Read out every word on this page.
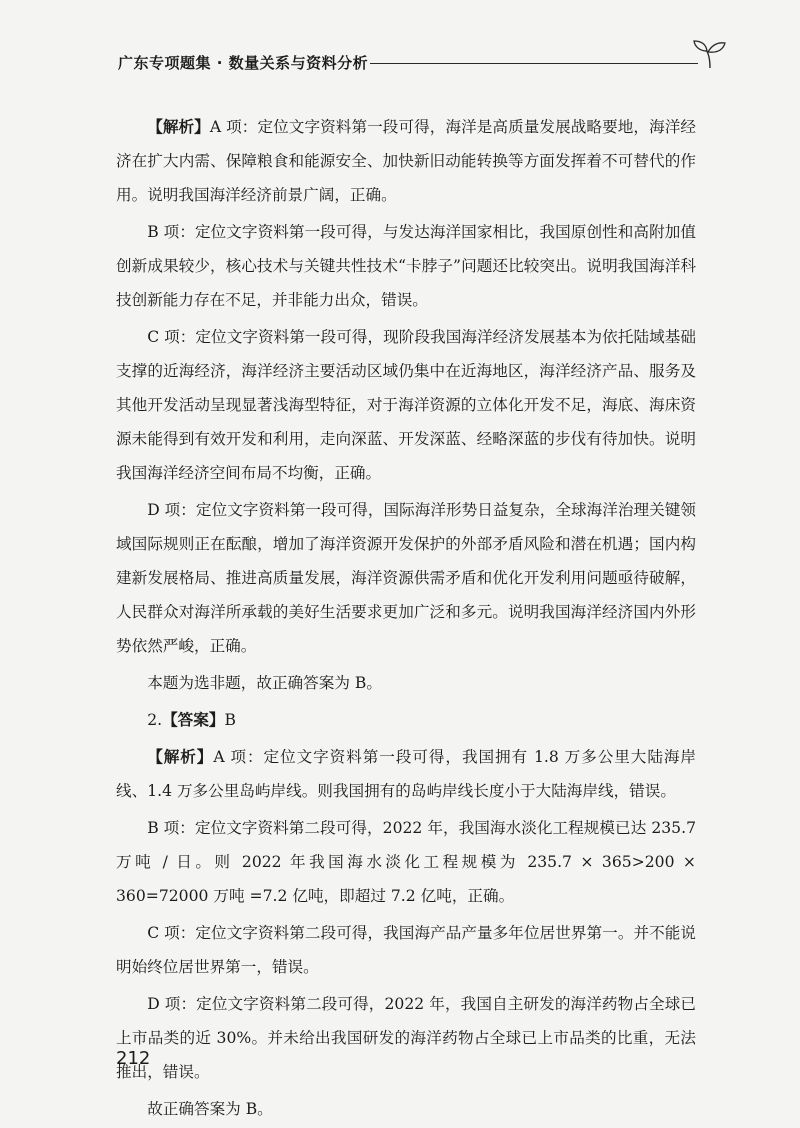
广东专项题集 · 数量关系与资料分析

【解析】A 项：定位文字资料第一段可得，海洋是高质量发展战略要地，海洋经济在扩大内需、保障粮食和能源安全、加快新旧动能转换等方面发挥着不可替代的作用。说明我国海洋经济前景广阔，正确。

B 项：定位文字资料第一段可得，与发达海洋国家相比，我国原创性和高附加值创新成果较少，核心技术与关键共性技术“卡脖子”问题还比较突出。说明我国海洋科技创新能力存在不足，并非能力出众，错误。

C 项：定位文字资料第一段可得，现阶段我国海洋经济发展基本为依托陆域基础支撑的近海经济，海洋经济主要活动区域仍集中在近海地区，海洋经济产品、服务及其他开发活动呈现显著浅海型特征，对于海洋资源的立体化开发不足，海底、海床资源未能得到有效开发和利用，走向深蓝、开发深蓝、经略深蓝的步伐有待加快。说明我国海洋经济空间布局不均衡，正确。

D 项：定位文字资料第一段可得，国际海洋形势日益复杂，全球海洋治理关键领域国际规则正在酝酿，增加了海洋资源开发保护的外部矛盾风险和潜在机遇；国内构建新发展格局、推进高质量发展，海洋资源供需矛盾和优化开发利用问题亟待破解，人民群众对海洋所承载的美好生活要求更加广泛和多元。说明我国海洋经济国内外形势依然严峻，正确。

本题为选非题，故正确答案为 B。

2.【答案】B

【解析】A 项：定位文字资料第一段可得，我国拥有 1.8 万多公里大陆海岸线、1.4 万多公里岛屿岸线。则我国拥有的岛屿岸线长度小于大陆海岸线，错误。

B 项：定位文字资料第二段可得，2022 年，我国海水淡化工程规模已达 235.7 万吨 / 日。则 2022 年我国海水淡化工程规模为 235.7 × 365>200 × 360=72000 万吨 =7.2 亿吨，即超过 7.2 亿吨，正确。

C 项：定位文字资料第二段可得，我国海产品产量多年位居世界第一。并不能说明始终位居世界第一，错误。

D 项：定位文字资料第二段可得，2022 年，我国自主研发的海洋药物占全球已上市品类的近 30%。并未给出我国研发的海洋药物占全球已上市品类的比重，无法推出，错误。

故正确答案为 B。

212
